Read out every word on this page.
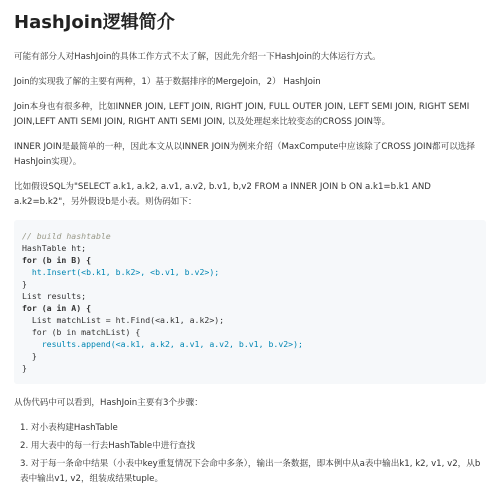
HashJoin逻辑简介

可能有部分人对HashJoin的具体工作方式不太了解，因此先介绍一下HashJoin的大体运行方式。

Join的实现我了解的主要有两种，1）基于数据排序的MergeJoin，2） HashJoin

Join本身也有很多种，比如INNER JOIN, LEFT JOIN, RIGHT JOIN, FULL OUTER JOIN, LEFT SEMI JOIN, RIGHT SEMI JOIN,LEFT ANTI SEMI JOIN, RIGHT ANTI SEMI JOIN, 以及处理起来比较变态的CROSS JOIN等。

INNER JOIN是最简单的一种，因此本文从以INNER JOIN为例来介绍（MaxCompute中应该除了CROSS JOIN都可以选择HashJoin实现）。

比如假设SQL为"SELECT a.k1, a.k2, a.v1, a.v2, b.v1, b,v2 FROM a INNER JOIN b ON a.k1=b.k1 AND a.k2=b.k2"，另外假设b是小表。则伪码如下：

// build hashtable
HashTable ht;
for (b in B) {
ht.Insert(<b.k1, b.k2>, <b.v1, b.v2>);
}
List results;
for (a in A) {
List matchList = ht.Find(<a.k1, a.k2>);
for (b in matchList) {
results.append(<a.k1, a.k2, a.v1, a.v2, b.v1, b.v2>);
}
}

从伪代码中可以看到，HashJoin主要有3个步骤：

1. 对小表构建HashTable
2. 用大表中的每一行去HashTable中进行查找
3. 对于每一条命中结果（小表中key重复情况下会命中多条），输出一条数据，即本例中从a表中输出k1, k2, v1, v2，从b表中输出v1, v2，组装成结果tuple。
